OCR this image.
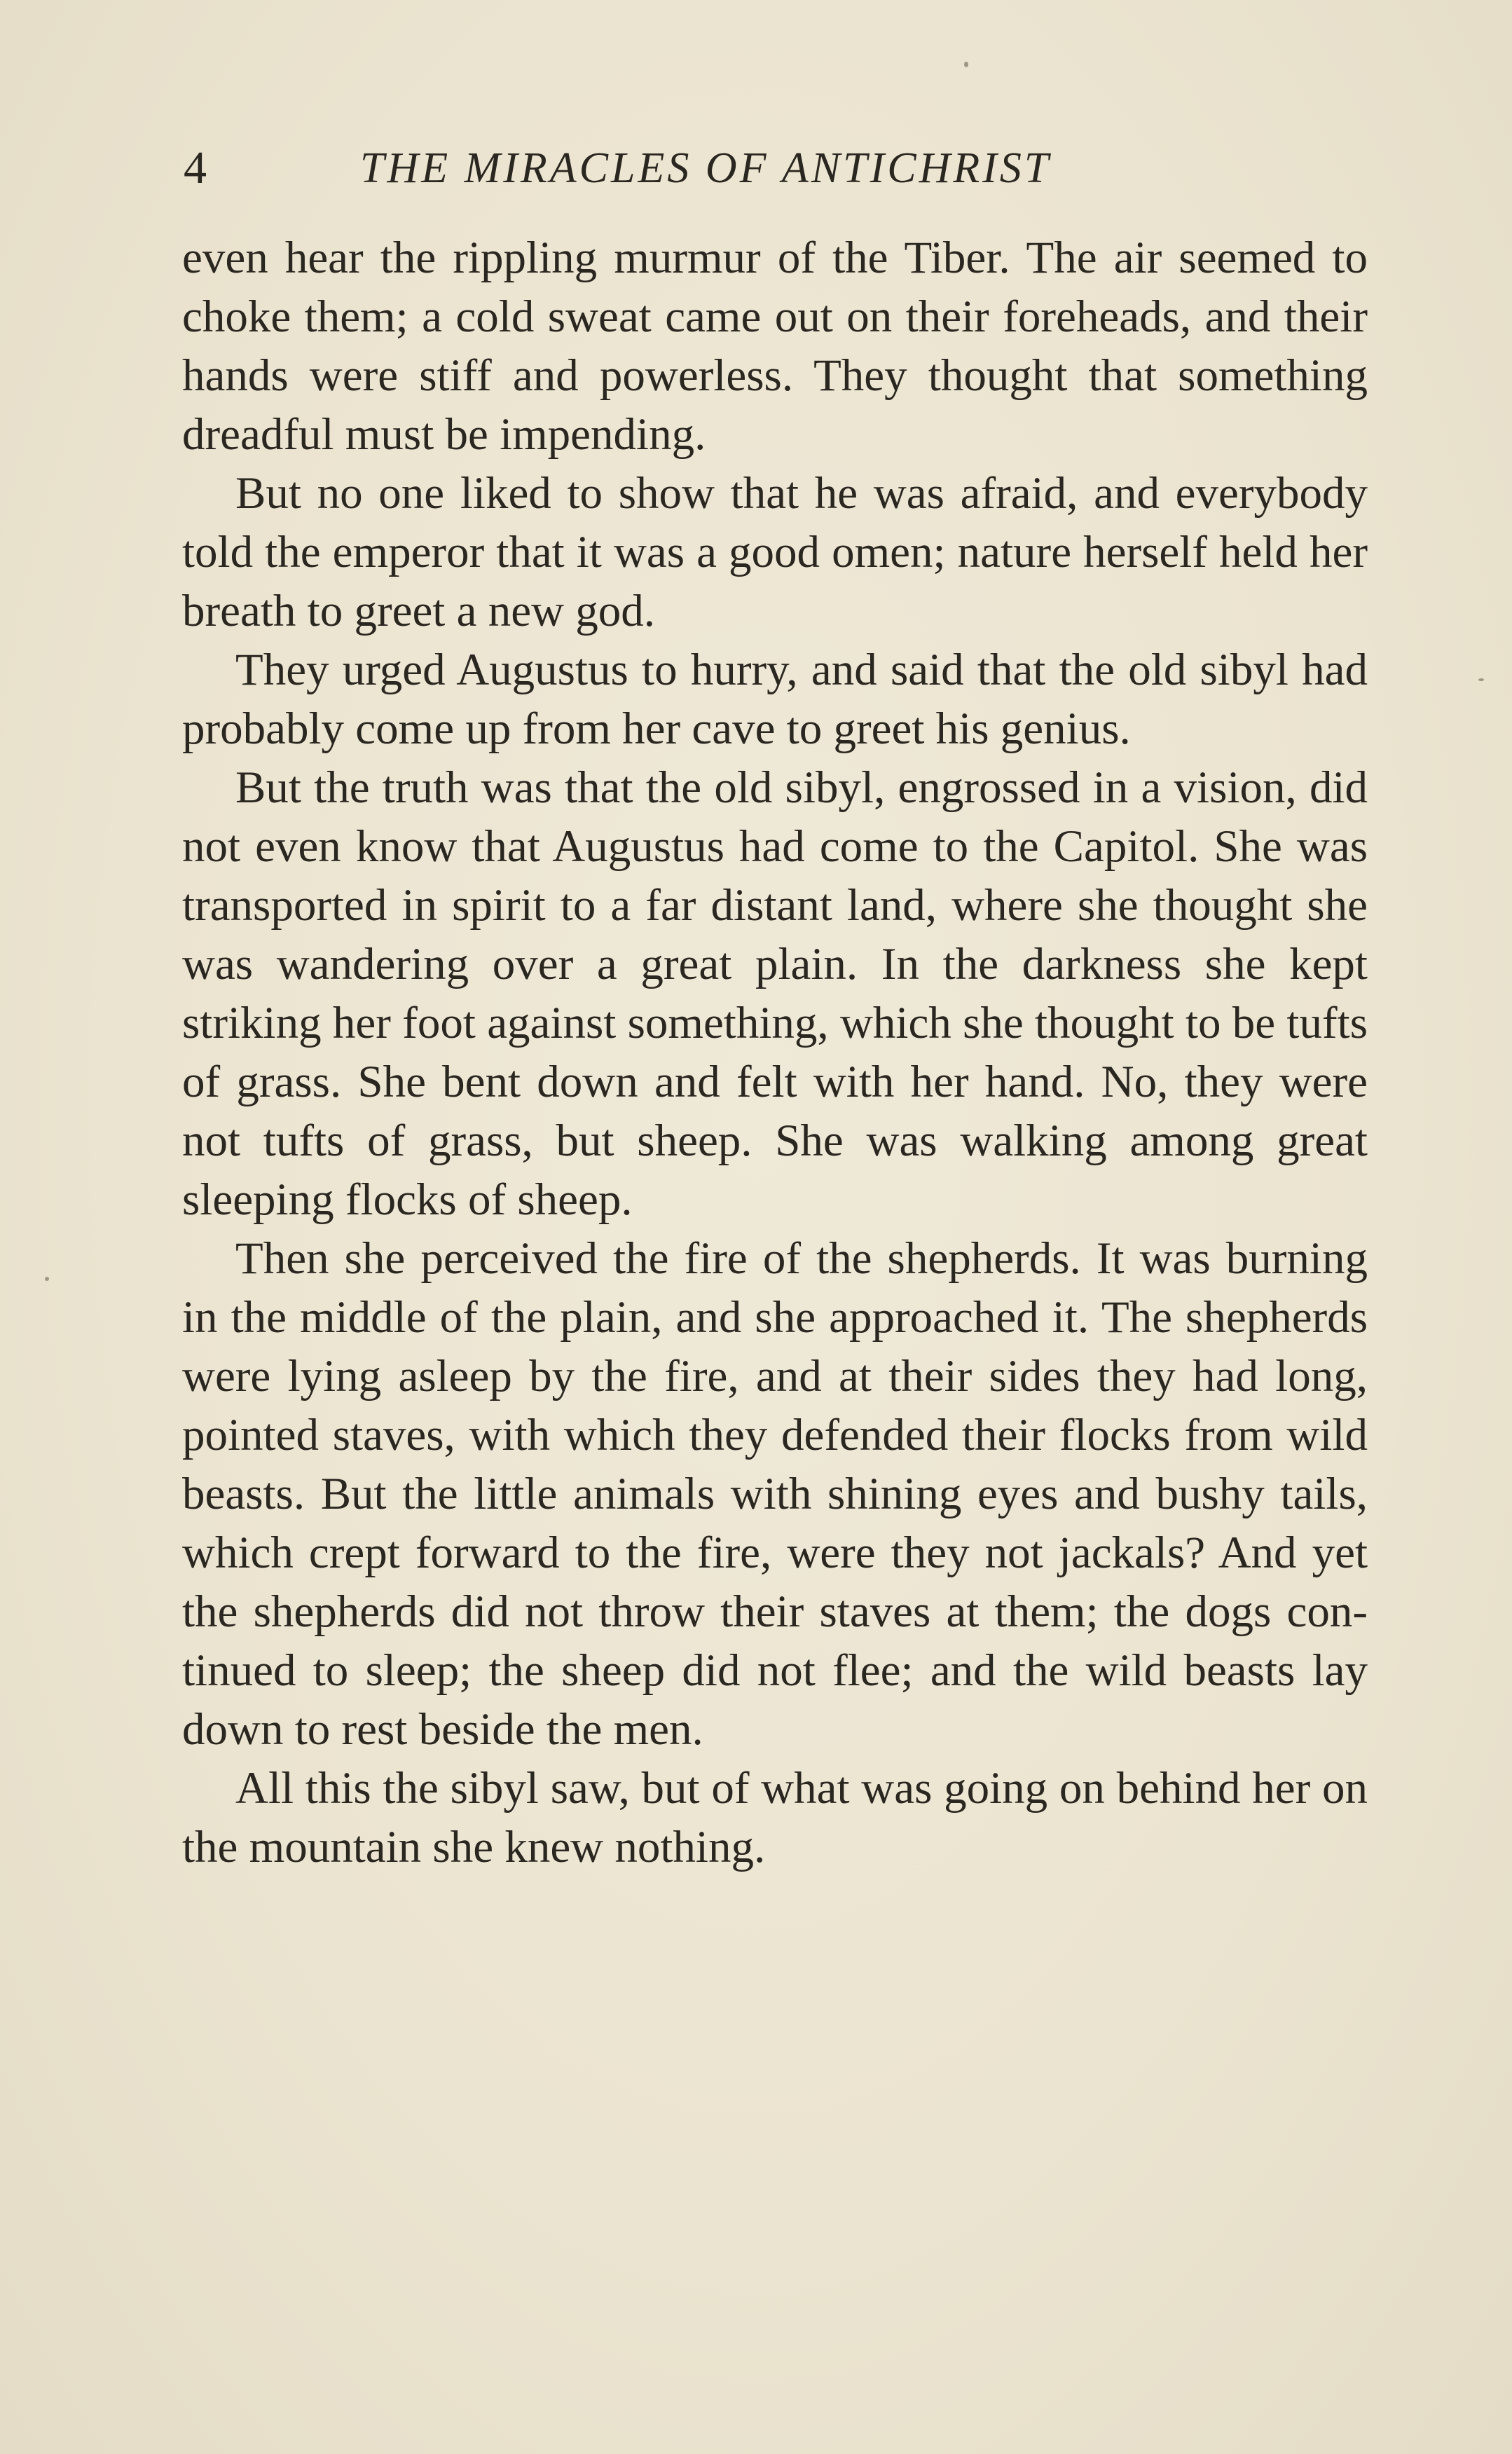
4	THE MIRACLES OF ANTICHRIST

even hear the rippling murmur of the Tiber. The air seemed to choke them; a cold sweat came out on their foreheads, and their hands were stiff and powerless. They thought that something dreadful must be impending.

But no one liked to show that he was afraid, and everybody told the emperor that it was a good omen; nature herself held her breath to greet a new god.

They urged Augustus to hurry, and said that the old sibyl had probably come up from her cave to greet his genius.

But the truth was that the old sibyl, engrossed in a vision, did not even know that Augustus had come to the Capitol. She was transported in spirit to a far distant land, where she thought she was wandering over a great plain. In the darkness she kept striking her foot against something, which she thought to be tufts of grass. She bent down and felt with her hand. No, they were not tufts of grass, but sheep. She was walking among great sleeping flocks of sheep.

Then she perceived the fire of the shepherds. It was burning in the middle of the plain, and she approached it. The shepherds were lying asleep by the fire, and at their sides they had long, pointed staves, with which they defended their flocks from wild beasts. But the little animals with shining eyes and bushy tails, which crept forward to the fire, were they not jackals? And yet the shepherds did not throw their staves at them; the dogs continued to sleep; the sheep did not flee; and the wild beasts lay down to rest beside the men.

All this the sibyl saw, but of what was going on behind her on the mountain she knew nothing.
